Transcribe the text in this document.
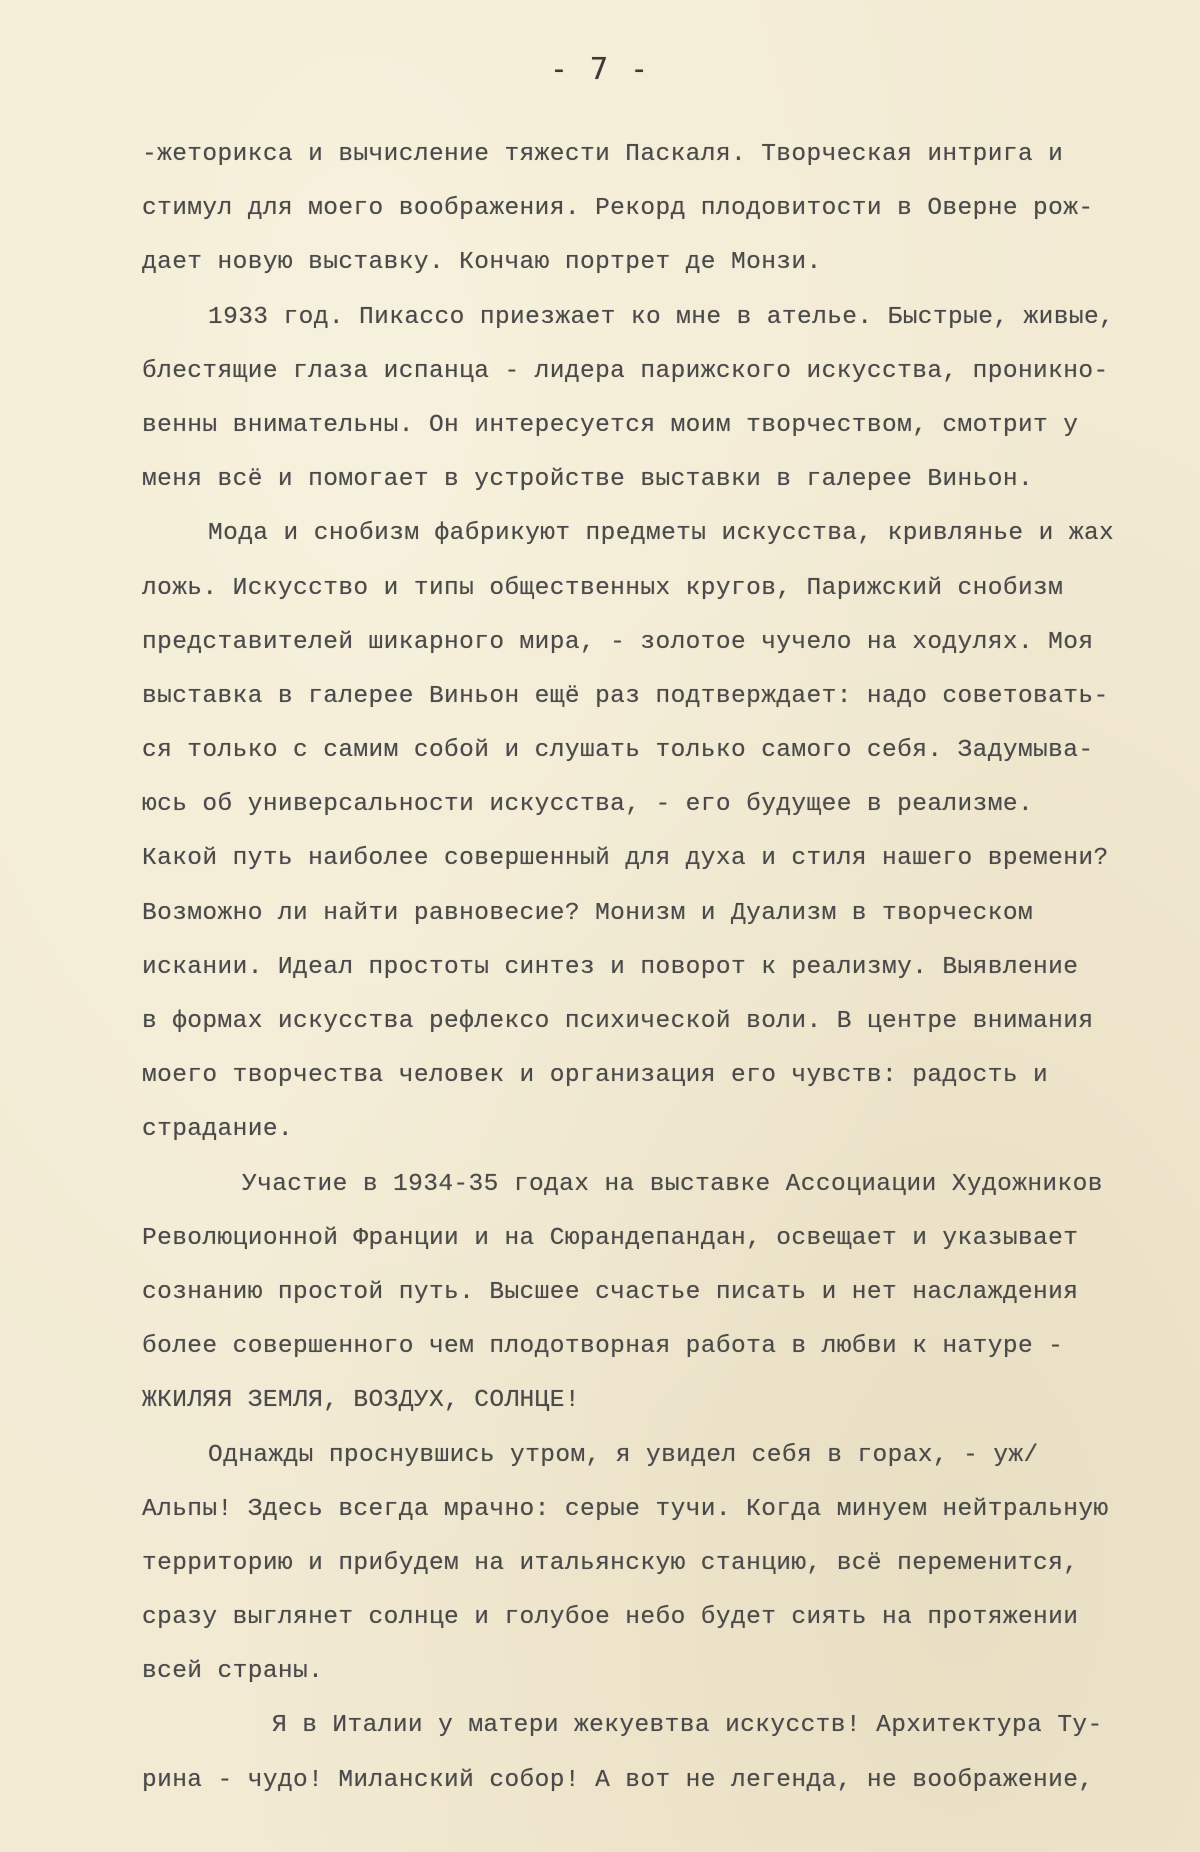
- 7 -
-жеторикса и вычисление тяжести Паскаля. Творческая интрига и
стимул для моего воображения. Рекорд плодовитости в Оверне рож-
дает новую выставку. Кончаю портрет де Монзи.
1933 год. Пикассо приезжает ко мне в ателье. Быстрые, живые,
блестящие глаза испанца - лидера парижского искусства, проникно-
венны внимательны. Он интересуется моим творчеством, смотрит у
меня всё и помогает в устройстве выставки в галерее Виньон.
Мода и снобизм фабрикуют предметы искусства, кривлянье и жах
ложь. Искусство и типы общественных кругов, Парижский снобизм
представителей шикарного мира, - золотое чучело на ходулях. Моя
выставка в галерее Виньон ещё раз подтверждает: надо советовать-
ся только с самим собой и слушать только самого себя. Задумыва-
юсь об универсальности искусства, - его будущее в реализме.
Какой путь наиболее совершенный для духа и стиля нашего времени?
Возможно ли найти равновесие? Монизм и Дуализм в творческом
искании. Идеал простоты синтез и поворот к реализму. Выявление
в формах искусства рефлексо психической воли. В центре внимания
моего творчества человек и организация его чувств: радость и
страдание.
Участие в 1934-35 годах на выставке Ассоциации Художников
Революционной Франции и на Сюрандепандан, освещает и указывает
сознанию простой путь. Высшее счастье писать и нет наслаждения
более совершенного чем плодотворная работа в любви к натуре -
ЖКИЛЯЯ ЗЕМЛЯ, ВОЗДУХ, СОЛНЦЕ!
Однажды проснувшись утром, я увидел себя в горах, - уж/
Альпы! Здесь всегда мрачно: серые тучи. Когда минуем нейтральную
территорию и прибудем на итальянскую станцию, всё переменится,
сразу выглянет солнце и голубое небо будет сиять на протяжении
всей страны.
Я в Италии у матери жекуевтва искусств! Архитектура Ту-
рина - чудо! Миланский собор! А вот не легенда, не воображение,
